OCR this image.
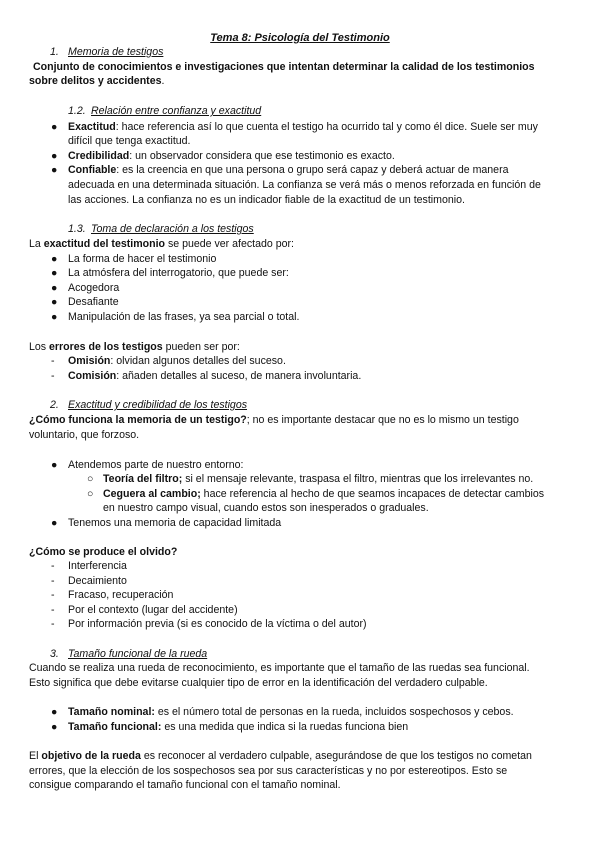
Tema 8: Psicología del Testimonio
1. Memoria de testigos
Conjunto de conocimientos e investigaciones que intentan determinar la calidad de los testimonios
sobre delitos y accidentes.
1.2. Relación entre confianza y exactitud
● Exactitud: hace referencia así lo que cuenta el testigo ha ocurrido tal y como él dice. Suele ser muy
difícil que tenga exactitud.
● Credibilidad: un observador considera que ese testimonio es exacto.
● Confiable: es la creencia en que una persona o grupo será capaz y deberá actuar de manera
adecuada en una determinada situación. La confianza se verá más o menos reforzada en función de
las acciones. La confianza no es un indicador fiable de la exactitud de un testimonio.
1.3. Toma de declaración a los testigos
La exactitud del testimonio se puede ver afectado por:
● La forma de hacer el testimonio
● La atmósfera del interrogatorio, que puede ser:
● Acogedora
● Desafiante
● Manipulación de las frases, ya sea parcial o total.
Los errores de los testigos pueden ser por:
- Omisión: olvidan algunos detalles del suceso.
- Comisión: añaden detalles al suceso, de manera involuntaria.
2. Exactitud y credibilidad de los testigos
¿Cómo funciona la memoria de un testigo?; no es importante destacar que no es lo mismo un testigo
voluntario, que forzoso.
● Atendemos parte de nuestro entorno:
○ Teoría del filtro; si el mensaje relevante, traspasa el filtro, mientras que los irrelevantes no.
○ Ceguera al cambio; hace referencia al hecho de que seamos incapaces de detectar cambios
en nuestro campo visual, cuando estos son inesperados o graduales.
● Tenemos una memoria de capacidad limitada
¿Cómo se produce el olvido?
- Interferencia
- Decaimiento
- Fracaso, recuperación
- Por el contexto (lugar del accidente)
- Por información previa (si es conocido de la víctima o del autor)
3. Tamaño funcional de la rueda
Cuando se realiza una rueda de reconocimiento, es importante que el tamaño de las ruedas sea funcional.
Esto significa que debe evitarse cualquier tipo de error en la identificación del verdadero culpable.
● Tamaño nominal: es el número total de personas en la rueda, incluidos sospechosos y cebos.
● Tamaño funcional: es una medida que indica si la ruedas funciona bien
El objetivo de la rueda es reconocer al verdadero culpable, asegurándose de que los testigos no cometan
errores, que la elección de los sospechosos sea por sus características y no por estereotipos. Esto se
consigue comparando el tamaño funcional con el tamaño nominal.
